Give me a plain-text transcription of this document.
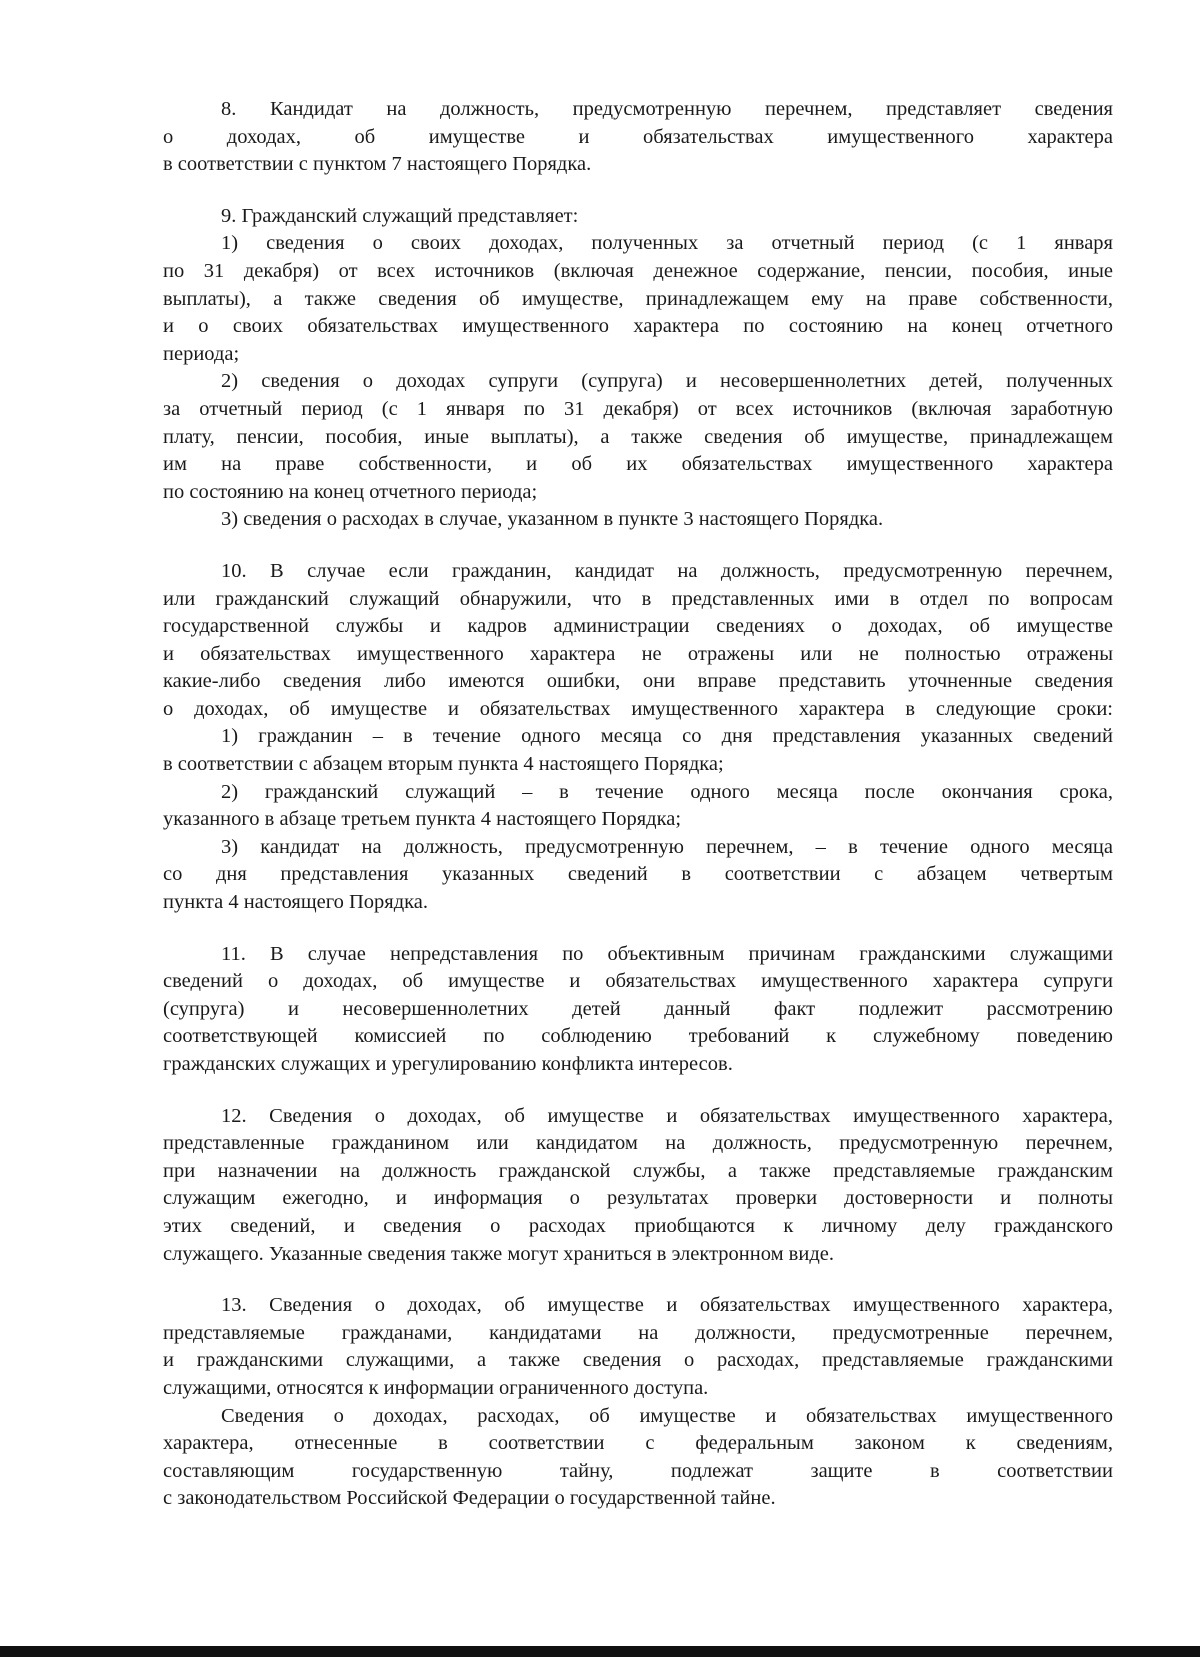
8. Кандидат на должность, предусмотренную перечнем, представляет сведения
о доходах, об имуществе и обязательствах имущественного характера
в соответствии с пунктом 7 настоящего Порядка.
9. Гражданский служащий представляет:
1) сведения о своих доходах, полученных за отчетный период (с 1 января
по 31 декабря) от всех источников (включая денежное содержание, пенсии, пособия, иные
выплаты), а также сведения об имуществе, принадлежащем ему на праве собственности,
и о своих обязательствах имущественного характера по состоянию на конец отчетного
периода;
2) сведения о доходах супруги (супруга) и несовершеннолетних детей, полученных
за отчетный период (с 1 января по 31 декабря) от всех источников (включая заработную
плату, пенсии, пособия, иные выплаты), а также сведения об имуществе, принадлежащем
им на праве собственности, и об их обязательствах имущественного характера
по состоянию на конец отчетного периода;
3) сведения о расходах в случае, указанном в пункте 3 настоящего Порядка.
10. В случае если гражданин, кандидат на должность, предусмотренную перечнем,
или гражданский служащий обнаружили, что в представленных ими в отдел по вопросам
государственной службы и кадров администрации сведениях о доходах, об имуществе
и обязательствах имущественного характера не отражены или не полностью отражены
какие-либо сведения либо имеются ошибки, они вправе представить уточненные сведения
о доходах, об имуществе и обязательствах имущественного характера в следующие сроки:
1) гражданин – в течение одного месяца со дня представления указанных сведений
в соответствии с абзацем вторым пункта 4 настоящего Порядка;
2) гражданский служащий – в течение одного месяца после окончания срока,
указанного в абзаце третьем пункта 4 настоящего Порядка;
3) кандидат на должность, предусмотренную перечнем, – в течение одного месяца
со дня представления указанных сведений в соответствии с абзацем четвертым
пункта 4 настоящего Порядка.
11. В случае непредставления по объективным причинам гражданскими служащими
сведений о доходах, об имуществе и обязательствах имущественного характера супруги
(супруга) и несовершеннолетних детей данный факт подлежит рассмотрению
соответствующей комиссией по соблюдению требований к служебному поведению
гражданских служащих и урегулированию конфликта интересов.
12. Сведения о доходах, об имуществе и обязательствах имущественного характера,
представленные гражданином или кандидатом на должность, предусмотренную перечнем,
при назначении на должность гражданской службы, а также представляемые гражданским
служащим ежегодно, и информация о результатах проверки достоверности и полноты
этих сведений, и сведения о расходах приобщаются к личному делу гражданского
служащего. Указанные сведения также могут храниться в электронном виде.
13. Сведения о доходах, об имуществе и обязательствах имущественного характера,
представляемые гражданами, кандидатами на должности, предусмотренные перечнем,
и гражданскими служащими, а также сведения о расходах, представляемые гражданскими
служащими, относятся к информации ограниченного доступа.
Сведения о доходах, расходах, об имуществе и обязательствах имущественного
характера, отнесенные в соответствии с федеральным законом к сведениям,
составляющим государственную тайну, подлежат защите в соответствии
с законодательством Российской Федерации о государственной тайне.
